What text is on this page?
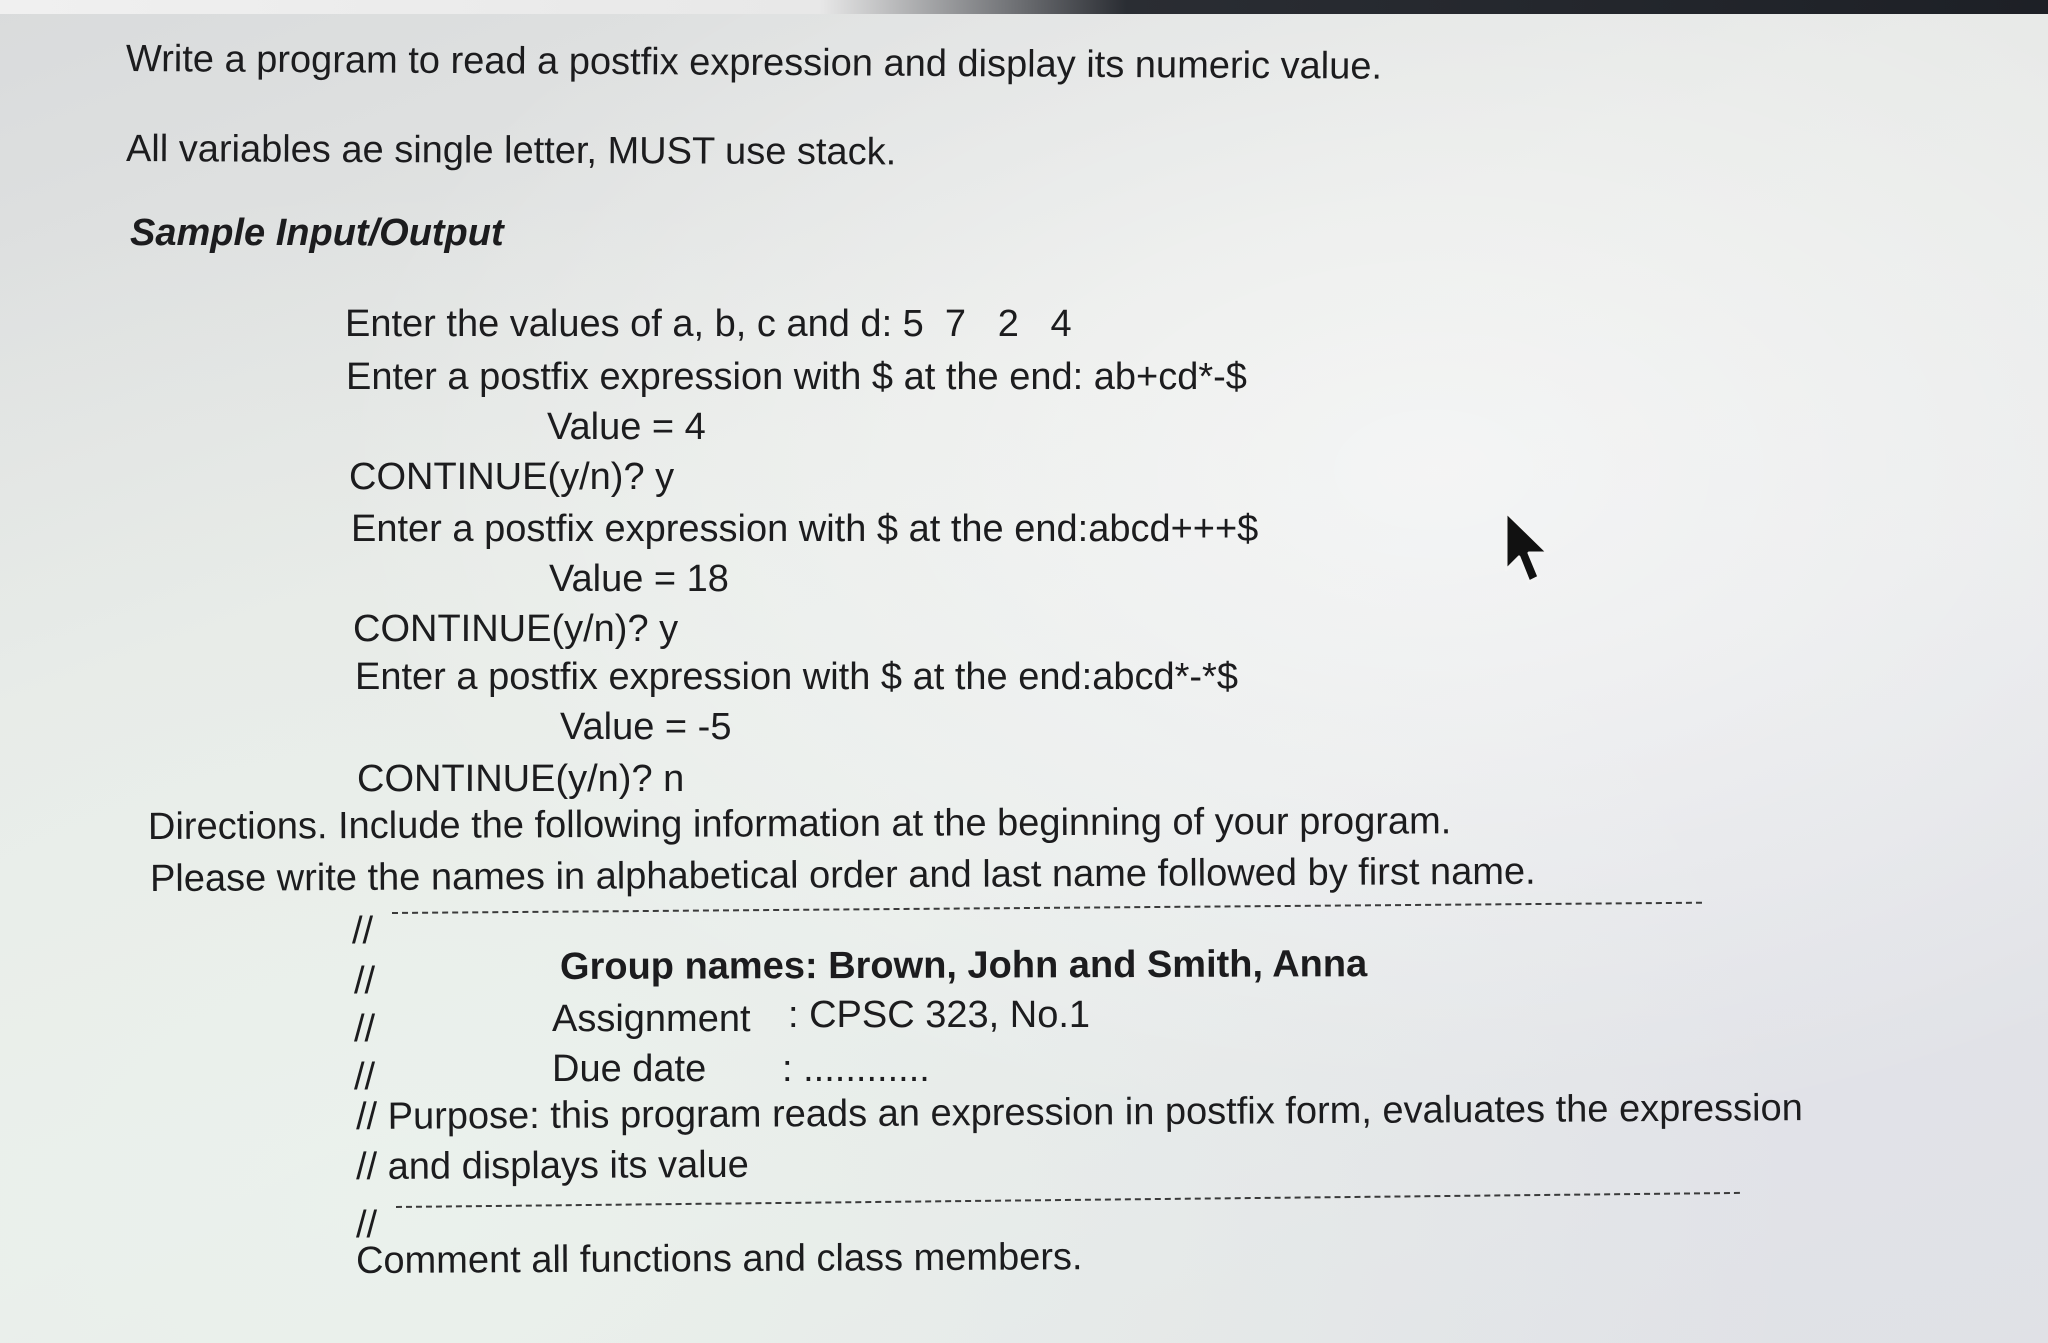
Write a program to read a postfix expression and display its numeric value.
All variables ae single letter, MUST use stack.
Sample Input/Output
Enter the values of a, b, c and d: 5  7   2   4
Enter a postfix expression with $ at the end: ab+cd*-$
Value = 4
CONTINUE(y/n)? y
Enter a postfix expression with $ at the end:abcd+++$
Value = 18
CONTINUE(y/n)? y
Enter a postfix expression with $ at the end:abcd*-*$
Value = -5
CONTINUE(y/n)? n
Directions. Include the following information at the beginning of your program.
Please write the names in alphabetical order and last name followed by first name.
//
//	Group names: Brown, John and Smith, Anna
//	Assignment : CPSC 323, No.1
//	Due date : ............
// Purpose: this program reads an expression in postfix form, evaluates the expression
// and displays its value
//
Comment all functions and class members.
